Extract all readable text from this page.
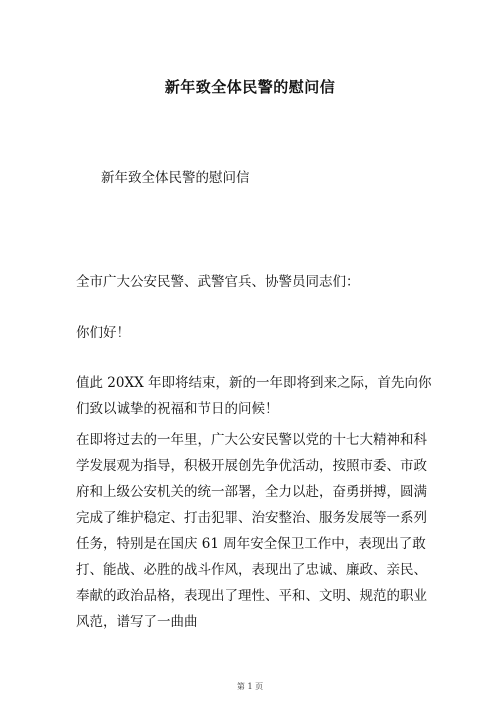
新年致全体民警的慰问信
新年致全体民警的慰问信
全市广大公安民警、武警官兵、协警员同志们：
你们好！
值此 20XX 年即将结束，新的一年即将到来之际，首先向你们致以诚挚的祝福和节日的问候！
在即将过去的一年里，广大公安民警以党的十七大精神和科学发展观为指导，积极开展创先争优活动，按照市委、市政府和上级公安机关的统一部署，全力以赴，奋勇拼搏，圆满完成了维护稳定、打击犯罪、治安整治、服务发展等一系列任务，特别是在国庆 61 周年安全保卫工作中，表现出了敢打、能战、必胜的战斗作风，表现出了忠诚、廉政、亲民、奉献的政治品格，表现出了理性、平和、文明、规范的职业风范，谱写了一曲曲
第 1 页
